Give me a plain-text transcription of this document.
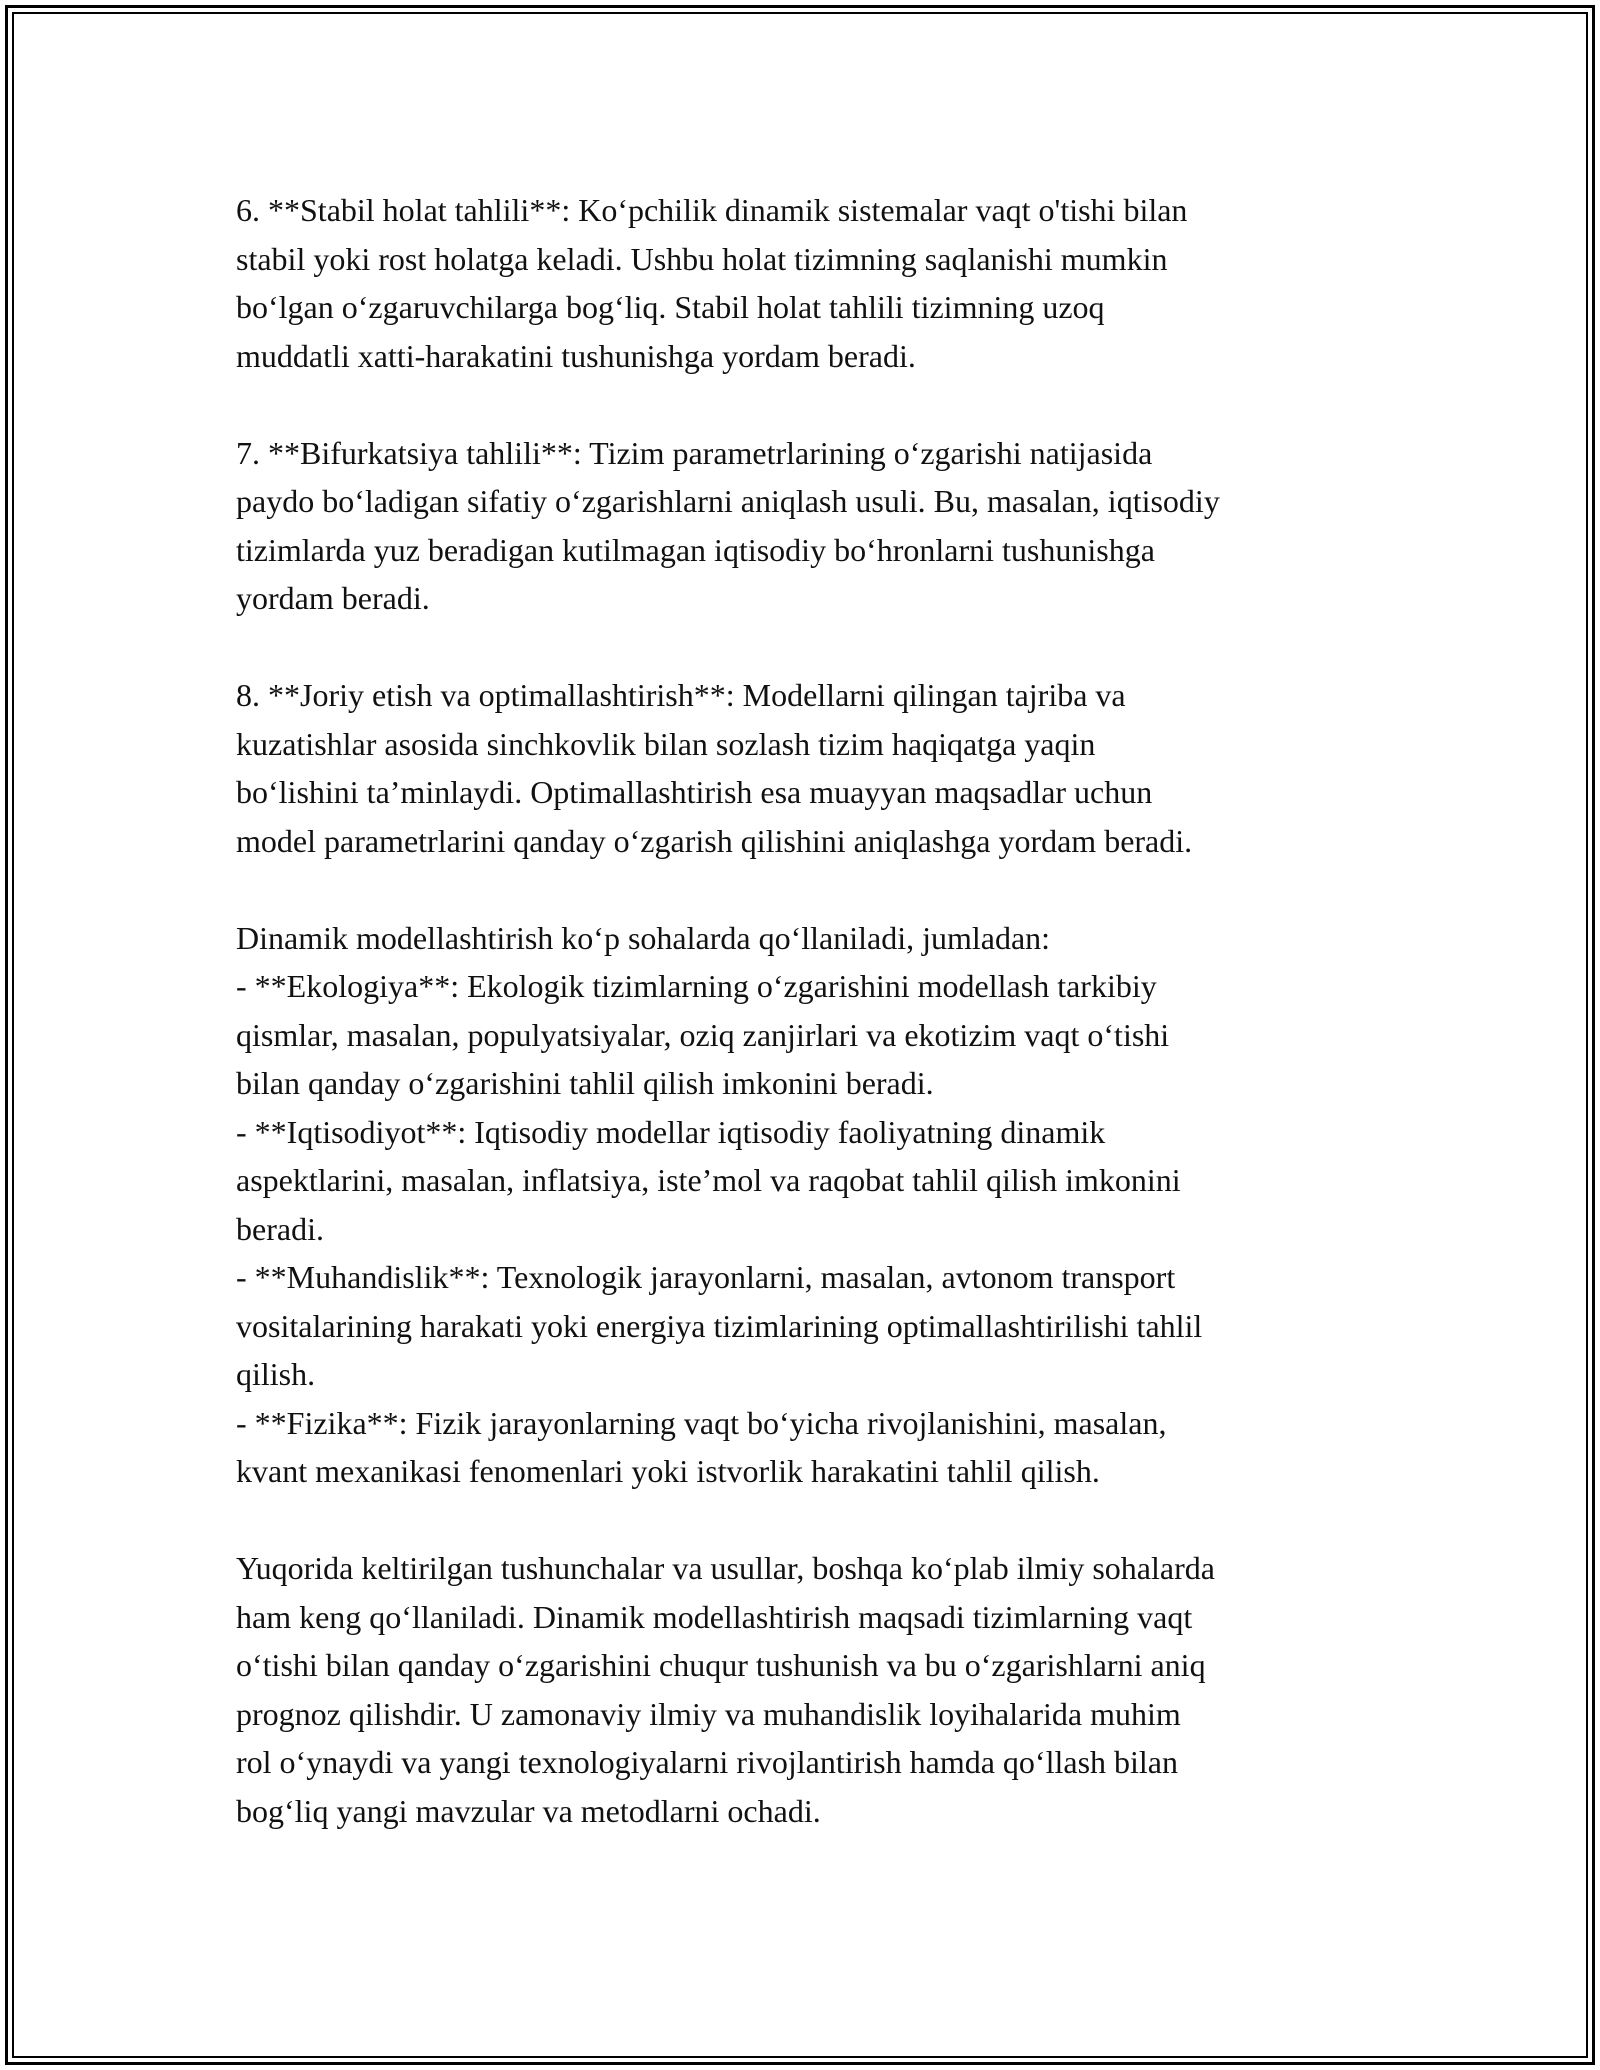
6. **Stabil holat tahlili**: Ko‘pchilik dinamik sistemalar vaqt o'tishi bilan
stabil yoki rost holatga keladi. Ushbu holat tizimning saqlanishi mumkin
bo‘lgan o‘zgaruvchilarga bog‘liq. Stabil holat tahlili tizimning uzoq
muddatli xatti-harakatini tushunishga yordam beradi.
7. **Bifurkatsiya tahlili**: Tizim parametrlarining o‘zgarishi natijasida
paydo bo‘ladigan sifatiy o‘zgarishlarni aniqlash usuli. Bu, masalan, iqtisodiy
tizimlarda yuz beradigan kutilmagan iqtisodiy bo‘hronlarni tushunishga
yordam beradi.
8. **Joriy etish va optimallashtirish**: Modellarni qilingan tajriba va
kuzatishlar asosida sinchkovlik bilan sozlash tizim haqiqatga yaqin
bo‘lishini ta’minlaydi. Optimallashtirish esa muayyan maqsadlar uchun
model parametrlarini qanday o‘zgarish qilishini aniqlashga yordam beradi.
Dinamik modellashtirish ko‘p sohalarda qo‘llaniladi, jumladan:
- **Ekologiya**: Ekologik tizimlarning o‘zgarishini modellash tarkibiy
qismlar, masalan, populyatsiyalar, oziq zanjirlari va ekotizim vaqt o‘tishi
bilan qanday o‘zgarishini tahlil qilish imkonini beradi.
- **Iqtisodiyot**: Iqtisodiy modellar iqtisodiy faoliyatning dinamik
aspektlarini, masalan, inflatsiya, iste’mol va raqobat tahlil qilish imkonini
beradi.
- **Muhandislik**: Texnologik jarayonlarni, masalan, avtonom transport
vositalarining harakati yoki energiya tizimlarining optimallashtirilishi tahlil
qilish.
- **Fizika**: Fizik jarayonlarning vaqt bo‘yicha rivojlanishini, masalan,
kvant mexanikasi fenomenlari yoki istvorlik harakatini tahlil qilish.
Yuqorida keltirilgan tushunchalar va usullar, boshqa ko‘plab ilmiy sohalarda
ham keng qo‘llaniladi. Dinamik modellashtirish maqsadi tizimlarning vaqt
o‘tishi bilan qanday o‘zgarishini chuqur tushunish va bu o‘zgarishlarni aniq
prognoz qilishdir. U zamonaviy ilmiy va muhandislik loyihalarida muhim
rol o‘ynaydi va yangi texnologiyalarni rivojlantirish hamda qo‘llash bilan
bog‘liq yangi mavzular va metodlarni ochadi.
